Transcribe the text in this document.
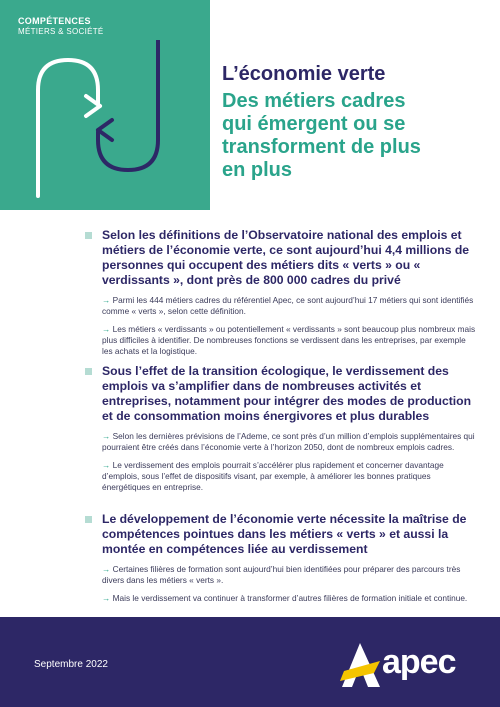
COMPÉTENCES
MÉTIERS & SOCIÉTÉ
L’économie verte
Des métiers cadres
qui émergent ou se
transforment de plus
en plus
Selon les définitions de l’Observatoire national des emplois et métiers de l’économie verte, ce sont aujourd’hui 4,4 millions de personnes qui occupent des métiers dits « verts » ou « verdissants », dont près de 800 000 cadres du privé
→ Parmi les 444 métiers cadres du référentiel Apec, ce sont aujourd’hui 17 métiers qui sont identifiés comme « verts », selon cette définition.
→ Les métiers « verdissants » ou potentiellement « verdissants » sont beaucoup plus nombreux mais plus difficiles à identifier. De nombreuses fonctions se verdissent dans les entreprises, par exemple les achats et la logistique.
Sous l’effet de la transition écologique, le verdissement des emplois va s’amplifier dans de nombreuses activités et entreprises, notamment pour intégrer des modes de production et de consommation moins énergivores et plus durables
→ Selon les dernières prévisions de l’Ademe, ce sont près d’un million d’emplois supplémentaires qui pourraient être créés dans l’économie verte à l’horizon 2050, dont de nombreux emplois cadres.
→ Le verdissement des emplois pourrait s’accélérer plus rapidement et concerner davantage d’emplois, sous l’effet de dispositifs visant, par exemple, à améliorer les bonnes pratiques énergétiques en entreprise.
Le développement de l’économie verte nécessite la maîtrise de compétences pointues dans les métiers « verts » et aussi la montée en compétences liée au verdissement
→ Certaines filières de formation sont aujourd’hui bien identifiées pour préparer des parcours très divers dans les métiers « verts ».
→ Mais le verdissement va continuer à transformer d’autres filières de formation initiale et continue.
Septembre 2022	apec
